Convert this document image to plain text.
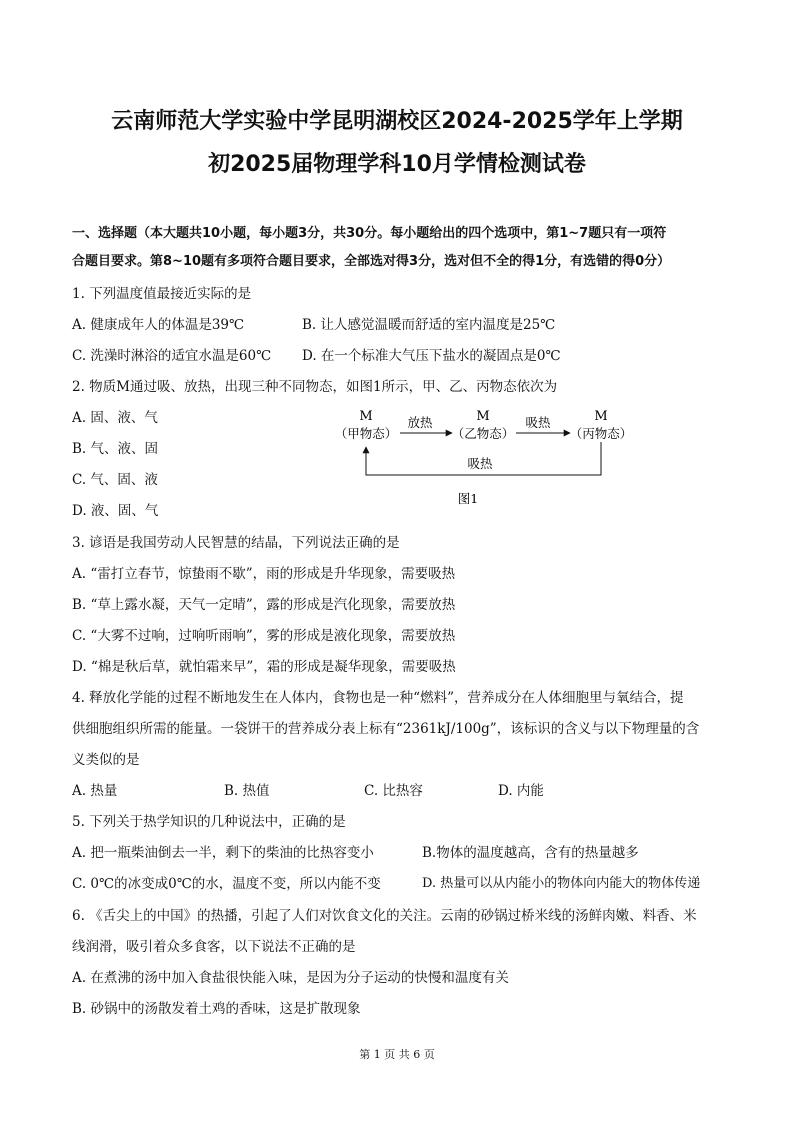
云南师范大学实验中学昆明湖校区2024-2025学年上学期
初2025届物理学科10月学情检测试卷
一、选择题（本大题共10小题，每小题3分，共30分。每小题给出的四个选项中，第1~7题只有一项符
合题目要求。第8~10题有多项符合题目要求，全部选对得3分，选对但不全的得1分，有选错的得0分）
1. 下列温度值最接近实际的是
A. 健康成年人的体温是39℃	B. 让人感觉温暖而舒适的室内温度是25℃
C. 洗澡时淋浴的适宜水温是60℃ D. 在一个标准大气压下盐水的凝固点是0℃
2. 物质M通过吸、放热，出现三种不同物态，如图1所示，甲、乙、丙物态依次为
A. 固、液、气
B. 气、液、固
C. 气、固、液
D. 液、固、气
M
（甲物态）
M
（乙物态）
M
（丙物态）
放热	吸热
吸热
图1
3. 谚语是我国劳动人民智慧的结晶，下列说法正确的是
A. “雷打立春节，惊蛰雨不歇”，雨的形成是升华现象，需要吸热
B. “草上露水凝，天气一定晴”，露的形成是汽化现象，需要放热
C. “大雾不过响，过响听雨响”，雾的形成是液化现象，需要放热
D. “棉是秋后草，就怕霜来早”，霜的形成是凝华现象，需要吸热
4. 释放化学能的过程不断地发生在人体内，食物也是一种“燃料”，营养成分在人体细胞里与氧结合，提
供细胞组织所需的能量。一袋饼干的营养成分表上标有“2361kJ/100g”，该标识的含义与以下物理量的含
义类似的是
A. 热量	B. 热值	C. 比热容	D. 内能
5. 下列关于热学知识的几种说法中，正确的是
A. 把一瓶柴油倒去一半，剩下的柴油的比热容变小	B.物体的温度越高，含有的热量越多
C. 0℃的冰变成0℃的水，温度不变，所以内能不变	D. 热量可以从内能小的物体向内能大的物体传递
6. 《舌尖上的中国》的热播，引起了人们对饮食文化的关注。云南的砂锅过桥米线的汤鲜肉嫩、料香、米
线润滑，吸引着众多食客，以下说法不正确的是
A. 在煮沸的汤中加入食盐很快能入味，是因为分子运动的快慢和温度有关
B. 砂锅中的汤散发着土鸡的香味，这是扩散现象
第 1 页 共 6 页
